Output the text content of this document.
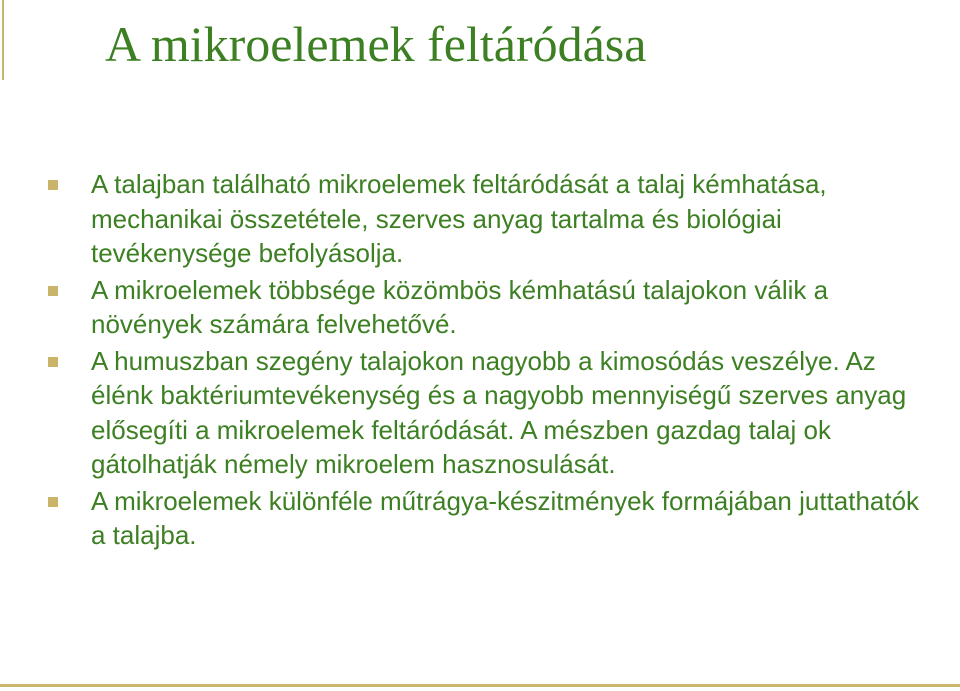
A mikroelemek feltáródása
A talajban található mikroelemek feltáródását a talaj kémhatása, mechanikai összetétele, szerves anyag tartalma és biológiai tevékenysége befolyásolja.
A mikroelemek többsége közömbös kémhatású talajokon válik a növények számára felvehetővé.
A humuszban szegény talajokon nagyobb a kimosódás veszélye. Az élénk baktériumtevékenység és a nagyobb mennyiségű szerves anyag elősegíti a mikroelemek feltáródását. A mészben gazdag talaj ok gátolhatják némely mikroelem hasznosulását.
A mikroelemek különféle műtrágya-készitmények formájában juttathatók a talajba.
